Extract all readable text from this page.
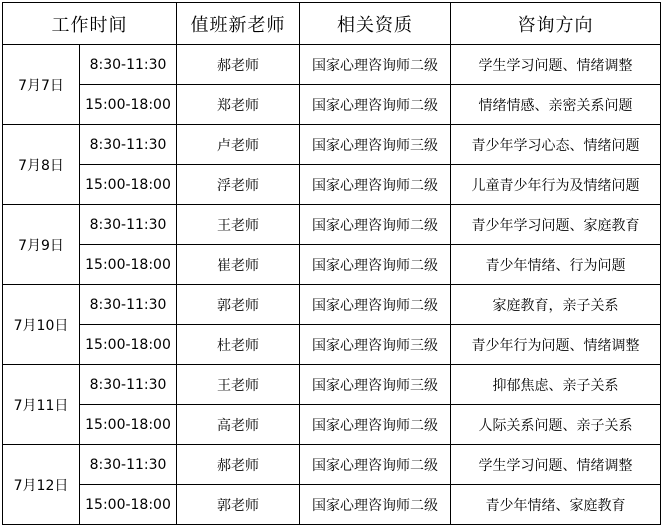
工作时间		值班新老师	相关资质	咨询方向
7月7日	8:30-11:30	郝老师	国家心理咨询师二级	学生学习问题、情绪调整
	15:00-18:00	郑老师	国家心理咨询师二级	情绪情感、亲密关系问题
7月8日	8:30-11:30	卢老师	国家心理咨询师三级	青少年学习心态、情绪问题
	15:00-18:00	浮老师	国家心理咨询师二级	儿童青少年行为及情绪问题
7月9日	8:30-11:30	王老师	国家心理咨询师二级	青少年学习问题、家庭教育
	15:00-18:00	崔老师	国家心理咨询师二级	青少年情绪、行为问题
7月10日	8:30-11:30	郭老师	国家心理咨询师二级	家庭教育，亲子关系
	15:00-18:00	杜老师	国家心理咨询师三级	青少年行为问题、情绪调整
7月11日	8:30-11:30	王老师	国家心理咨询师三级	抑郁焦虑、亲子关系
	15:00-18:00	高老师	国家心理咨询师二级	人际关系问题、亲子关系
7月12日	8:30-11:30	郝老师	国家心理咨询师二级	学生学习问题、情绪调整
	15:00-18:00	郭老师	国家心理咨询师二级	青少年情绪、家庭教育
